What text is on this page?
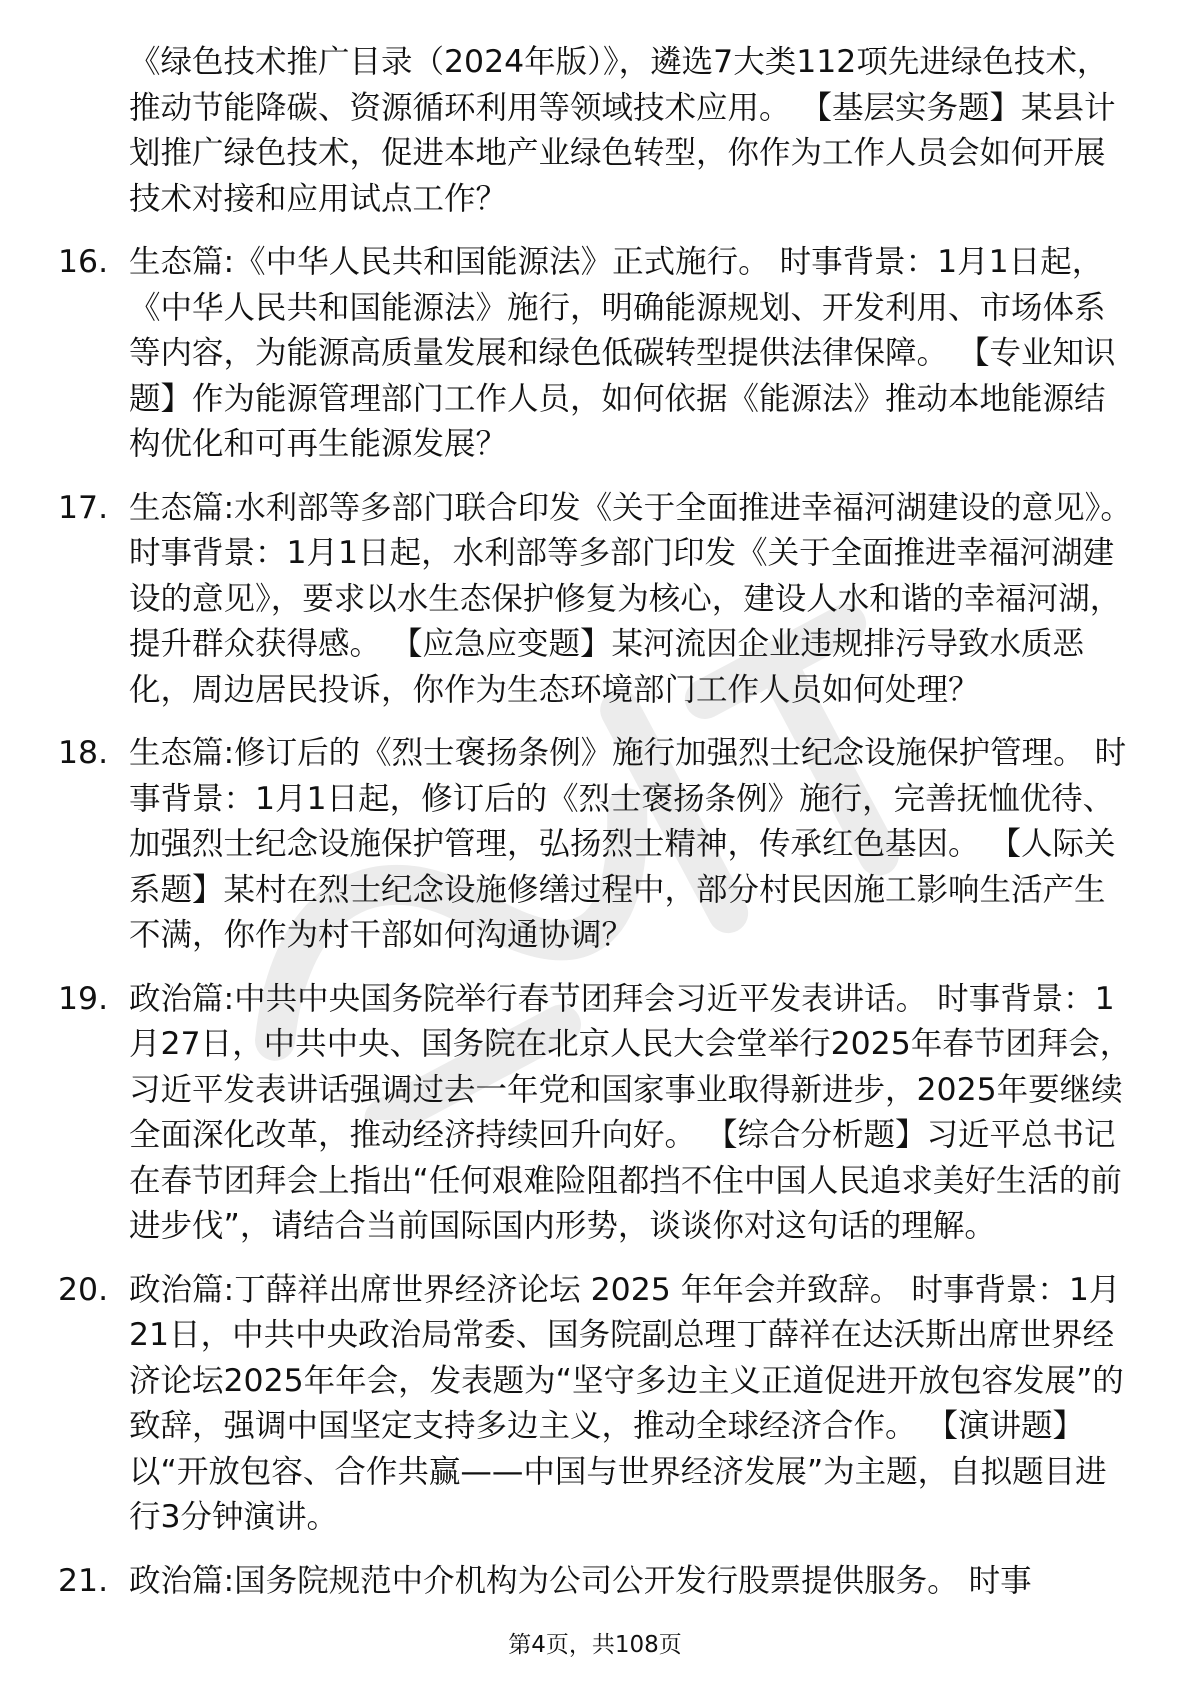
《绿色技术推广目录（2024年版）》，遴选7大类112项先进绿色技术，推动节能降碳、资源循环利用等领域技术应用。 【基层实务题】某县计划推广绿色技术，促进本地产业绿色转型，你作为工作人员会如何开展技术对接和应用试点工作？

16. 生态篇:《中华人民共和国能源法》正式施行。 时事背景：1月1日起，《中华人民共和国能源法》施行，明确能源规划、开发利用、市场体系等内容，为能源高质量发展和绿色低碳转型提供法律保障。 【专业知识题】作为能源管理部门工作人员，如何依据《能源法》推动本地能源结构优化和可再生能源发展？
17. 生态篇:水利部等多部门联合印发《关于全面推进幸福河湖建设的意见》。 时事背景：1月1日起，水利部等多部门印发《关于全面推进幸福河湖建设的意见》，要求以水生态保护修复为核心，建设人水和谐的幸福河湖，提升群众获得感。 【应急应变题】某河流因企业违规排污导致水质恶化，周边居民投诉，你作为生态环境部门工作人员如何处理？
18. 生态篇:修订后的《烈士褒扬条例》施行加强烈士纪念设施保护管理。 时事背景：1月1日起，修订后的《烈士褒扬条例》施行，完善抚恤优待、加强烈士纪念设施保护管理，弘扬烈士精神，传承红色基因。 【人际关系题】某村在烈士纪念设施修缮过程中，部分村民因施工影响生活产生不满，你作为村干部如何沟通协调？
19. 政治篇:中共中央国务院举行春节团拜会习近平发表讲话。 时事背景：1月27日，中共中央、国务院在北京人民大会堂举行2025年春节团拜会，习近平发表讲话强调过去一年党和国家事业取得新进步，2025年要继续全面深化改革，推动经济持续回升向好。 【综合分析题】习近平总书记在春节团拜会上指出“任何艰难险阻都挡不住中国人民追求美好生活的前进步伐”，请结合当前国际国内形势，谈谈你对这句话的理解。
20. 政治篇:丁薛祥出席世界经济论坛 2025 年年会并致辞。 时事背景：1月21日，中共中央政治局常委、国务院副总理丁薛祥在达沃斯出席世界经济论坛2025年年会，发表题为“坚守多边主义正道促进开放包容发展”的致辞，强调中国坚定支持多边主义，推动全球经济合作。 【演讲题】以“开放包容、合作共赢——中国与世界经济发展”为主题，自拟题目进行3分钟演讲。
21. 政治篇:国务院规范中介机构为公司公开发行股票提供服务。 时事
第4页，共108页
